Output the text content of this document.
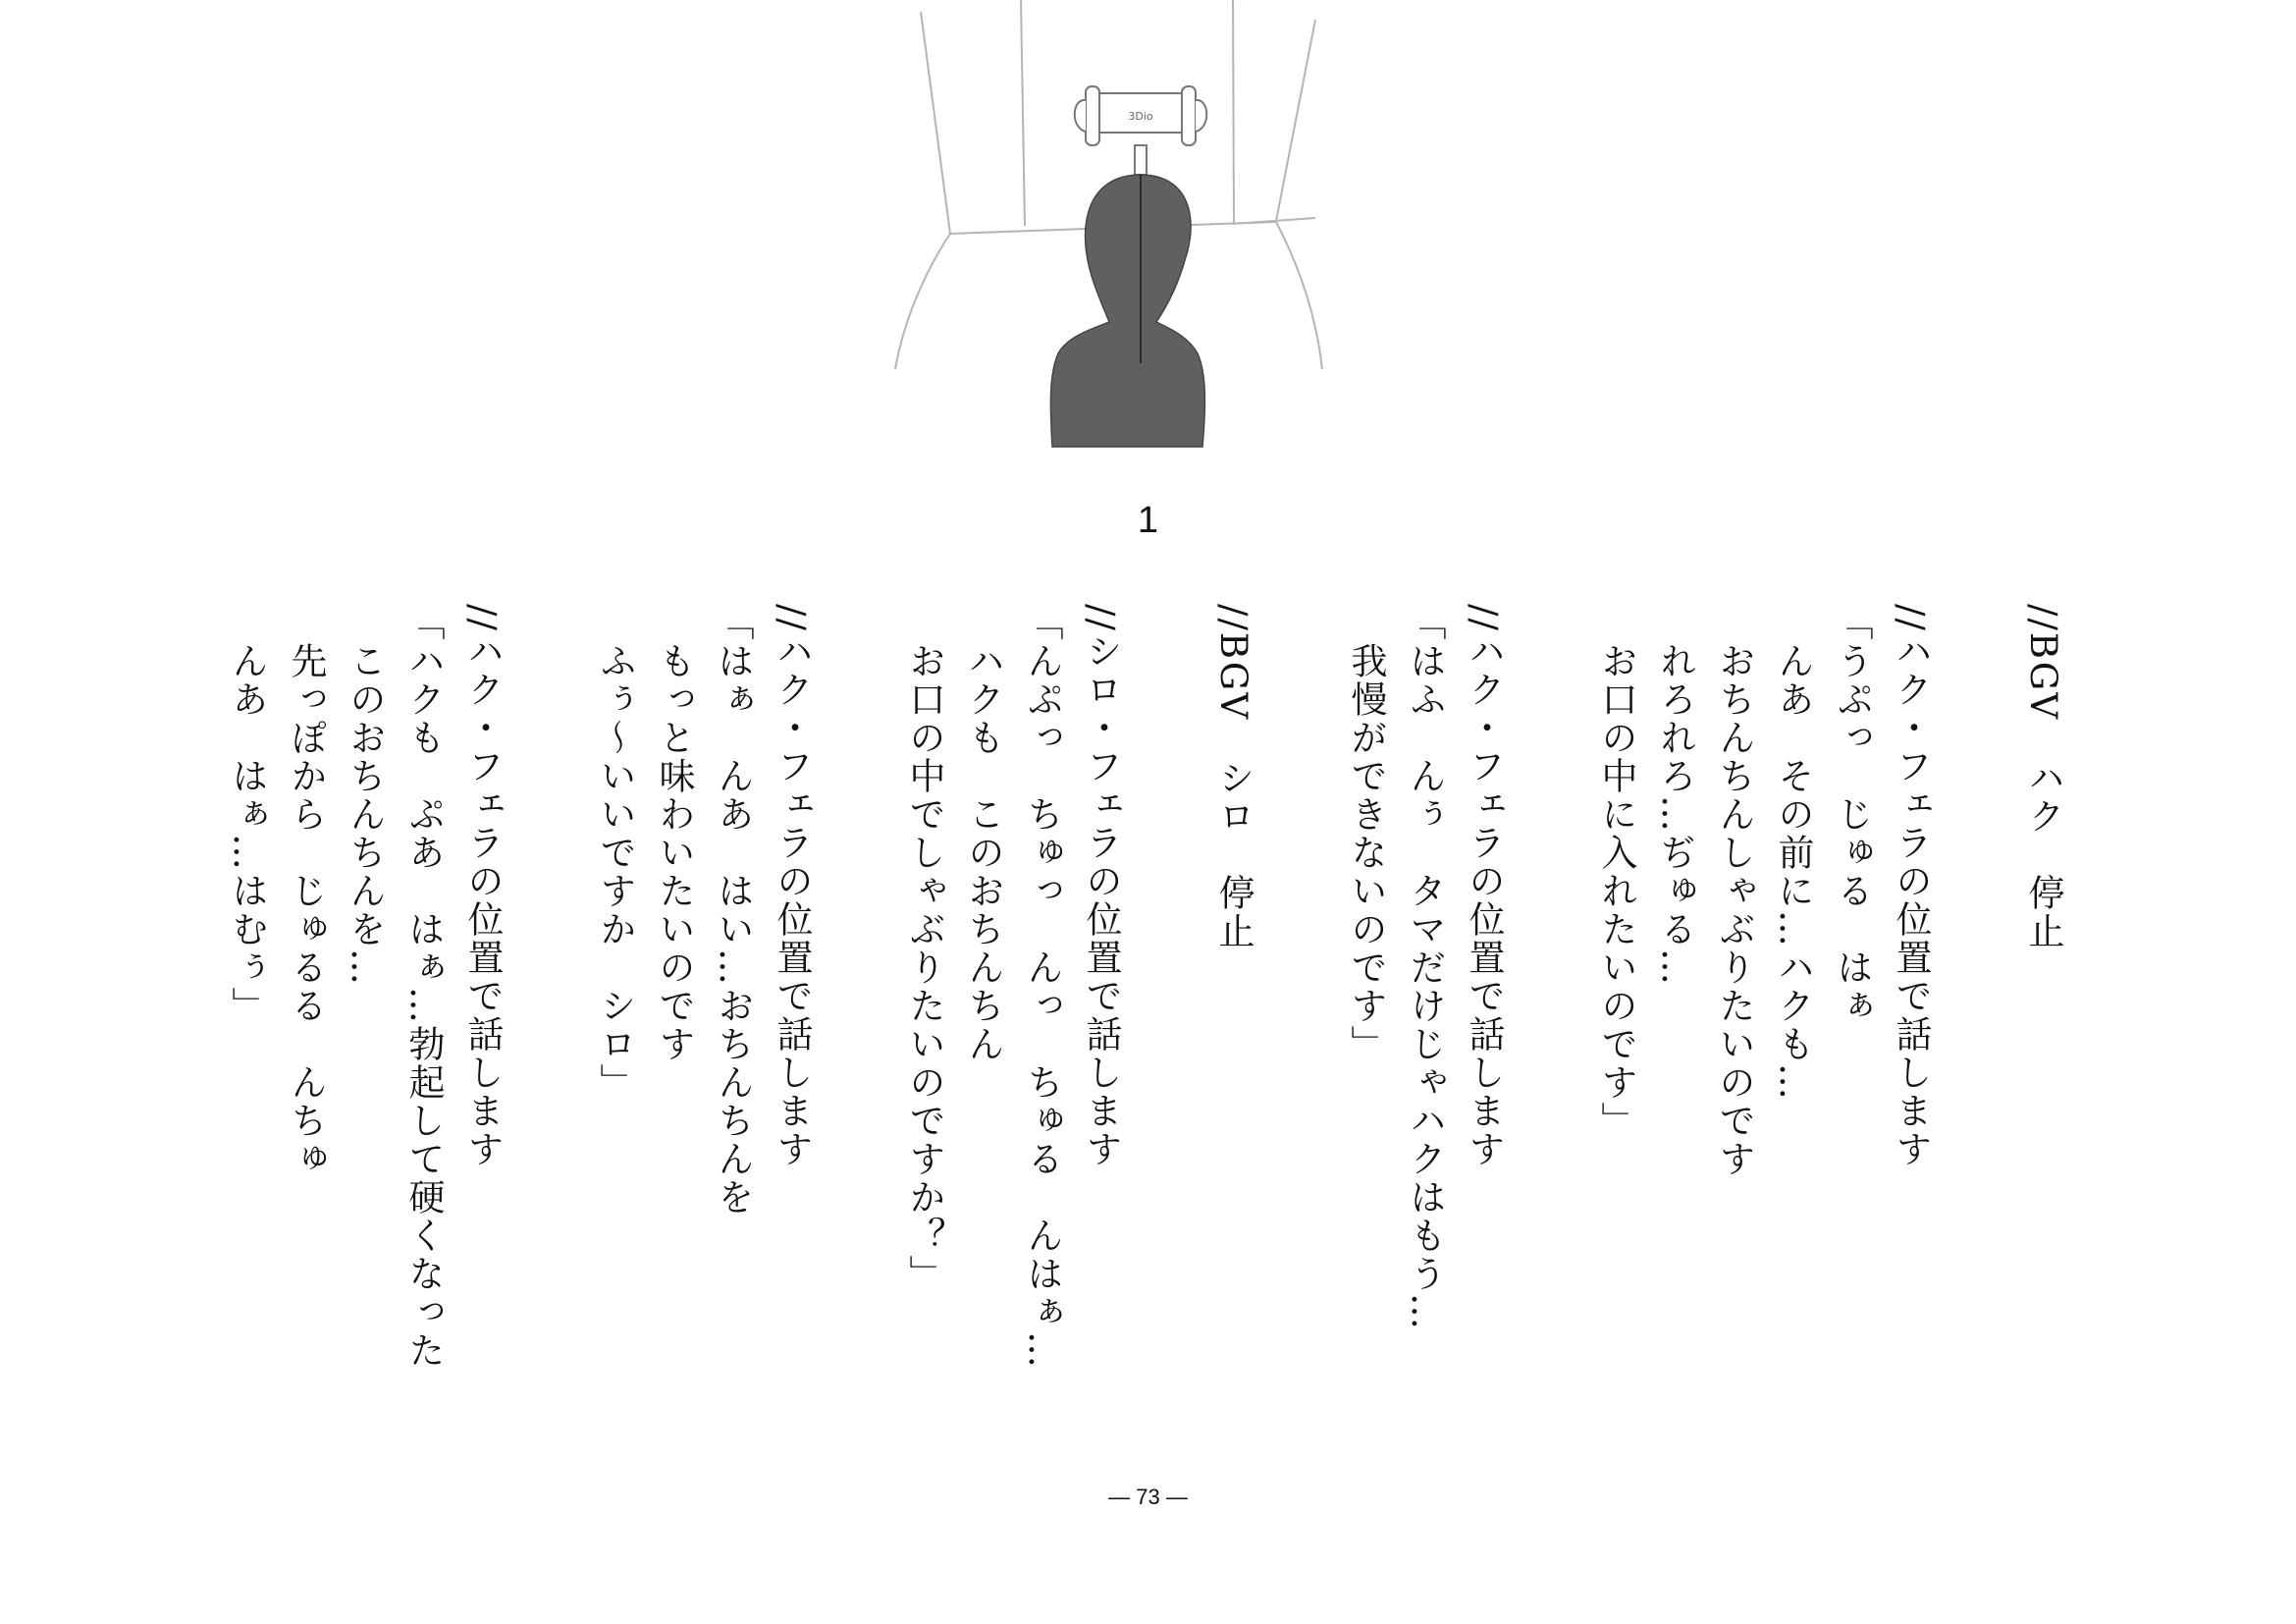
3Dio
1
//BGV　ハク　停止
//ハク・フェラの位置で話します
「うぷっ　じゅる　はぁ
　んあ　その前に…ハクも…
　おちんちんしゃぶりたいのです
　れろれろ…ぢゅる…
　お口の中に入れたいのです」
//ハク・フェラの位置で話します
「はふ　んぅ　タマだけじゃハクはもう…
　我慢ができないのです」
//BGV　シロ　停止
//シロ・フェラの位置で話します
「んぷっ　ちゅっ　んっ　ちゅる　んはぁ…
　ハクも　このおちんちん
　お口の中でしゃぶりたいのですか？」
//ハク・フェラの位置で話します
「はぁ　んあ　はい…おちんちんを
　もっと味わいたいのです
　ふぅ～いいですか　シロ」
//ハク・フェラの位置で話します
「ハクも　ぷあ　はぁ…勃起して硬くなった
　このおちんちんを…
　先っぽから　じゅるる　んちゅ
　んあ　はぁ…はむぅ」
― 73 ―
